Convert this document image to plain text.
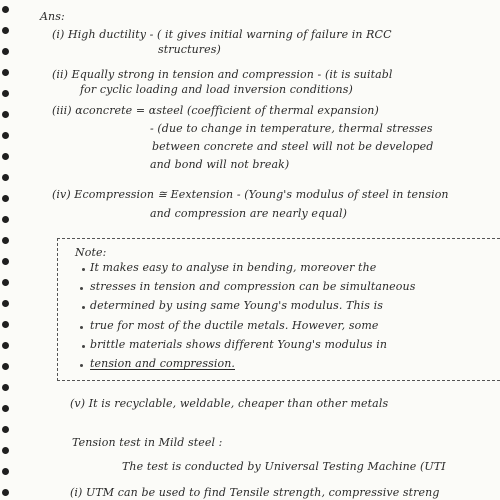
Ans:
(i) High ductility - ( it gives initial warning of failure in RCC
structures)
(ii) Equally strong in tension and compression - (it is suitabl
for cyclic loading and load inversion conditions)
(iii) αconcrete = αsteel (coefficient of thermal expansion)
- (due to change in temperature, thermal stresses
between concrete and steel will not be developed
and bond will not break)
(iv) Ecompression ≅ Eextension - (Young's modulus of steel in tension
and compression are nearly equal)
Note:
It makes easy to analyse in bending, moreover the
stresses in tension and compression can be simultaneous
determined by using same Young's modulus. This is
true for most of the ductile metals. However, some
brittle materials shows different Young's modulus in
tension and compression.
(v) It is recyclable, weldable, cheaper than other metals
Tension test in Mild steel :
The test is conducted by Universal Testing Machine (UTI
(i) UTM can be used to find Tensile strength, compressive streng
